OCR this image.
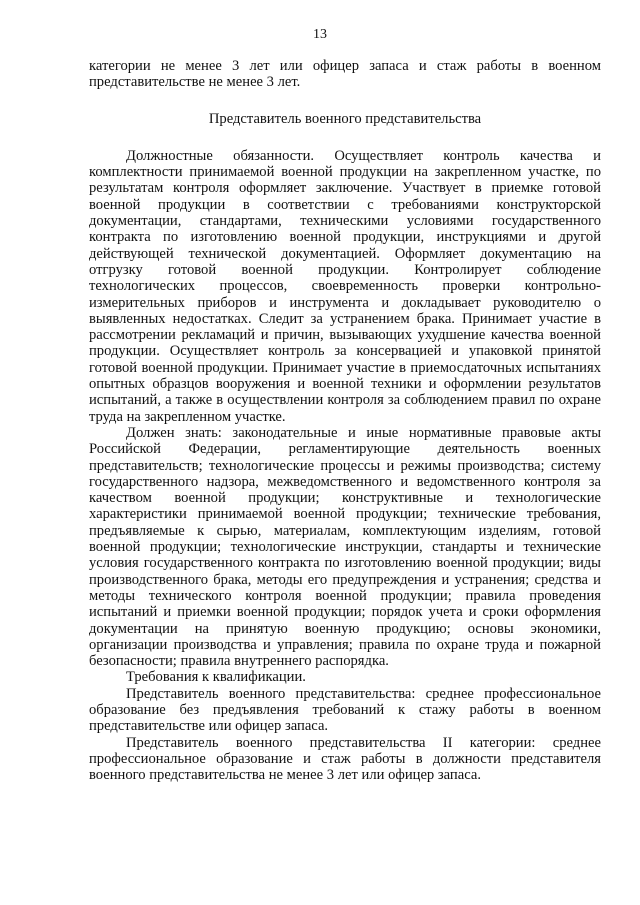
13

категории не менее 3 лет или офицер запаса и стаж работы в военном представительстве не менее 3 лет.

Представитель военного представительства

Должностные обязанности. Осуществляет контроль качества и комплектности принимаемой военной продукции на закрепленном участке, по результатам контроля оформляет заключение. Участвует в приемке готовой военной продукции в соответствии с требованиями конструкторской документации, стандартами, техническими условиями государственного контракта по изготовлению военной продукции, инструкциями и другой действующей технической документацией. Оформляет документацию на отгрузку готовой военной продукции. Контролирует соблюдение технологических процессов, своевременность проверки контрольно-измерительных приборов и инструмента и докладывает руководителю о выявленных недостатках. Следит за устранением брака. Принимает участие в рассмотрении рекламаций и причин, вызывающих ухудшение качества военной продукции. Осуществляет контроль за консервацией и упаковкой принятой готовой военной продукции. Принимает участие в приемосдаточных испытаниях опытных образцов вооружения и военной техники и оформлении результатов испытаний, а также в осуществлении контроля за соблюдением правил по охране труда на закрепленном участке.

Должен знать: законодательные и иные нормативные правовые акты Российской Федерации, регламентирующие деятельность военных представительств; технологические процессы и режимы производства; систему государственного надзора, межведомственного и ведомственного контроля за качеством военной продукции; конструктивные и технологические характеристики принимаемой военной продукции; технические требования, предъявляемые к сырью, материалам, комплектующим изделиям, готовой военной продукции; технологические инструкции, стандарты и технические условия государственного контракта по изготовлению военной продукции; виды производственного брака, методы его предупреждения и устранения; средства и методы технического контроля военной продукции; правила проведения испытаний и приемки военной продукции; порядок учета и сроки оформления документации на принятую военную продукцию; основы экономики, организации производства и управления; правила по охране труда и пожарной безопасности; правила внутреннего распорядка.

Требования к квалификации.

Представитель военного представительства: среднее профессиональное образование без предъявления требований к стажу работы в военном представительстве или офицер запаса.

Представитель военного представительства II категории: среднее профессиональное образование и стаж работы в должности представителя военного представительства не менее 3 лет или офицер запаса.
